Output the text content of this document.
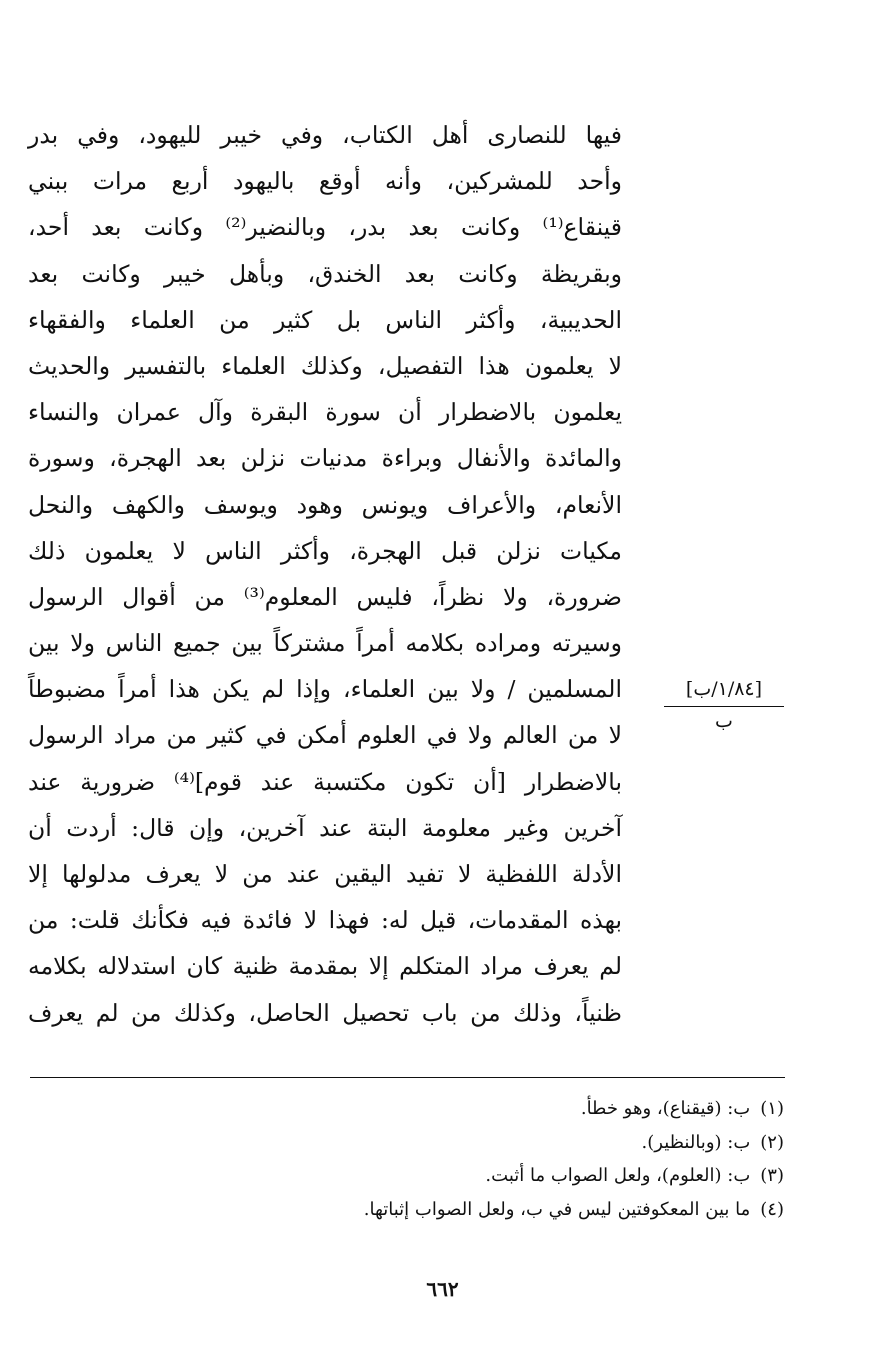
فيها للنصارى أهل الكتاب، وفي خيبر لليهود، وفي بدر
وأحد للمشركين، وأنه أوقع باليهود أربع مرات ببني
قينقاع⁽¹⁾ وكانت بعد بدر، وبالنضير⁽²⁾ وكانت بعد أحد،
وبقريظة وكانت بعد الخندق، وبأهل خيبر وكانت بعد
الحديبية، وأكثر الناس بل كثير من العلماء والفقهاء
لا يعلمون هذا التفصيل، وكذلك العلماء بالتفسير والحديث
يعلمون بالاضطرار أن سورة البقرة وآل عمران والنساء
والمائدة والأنفال وبراءة مدنيات نزلن بعد الهجرة، وسورة
الأنعام، والأعراف ويونس وهود ويوسف والكهف والنحل
مكيات نزلن قبل الهجرة، وأكثر الناس لا يعلمون ذلك
ضرورة، ولا نظراً، فليس المعلوم⁽³⁾ من أقوال الرسول
وسيرته ومراده بكلامه أمراً مشتركاً بين جميع الناس ولا بين
المسلمين / ولا بين العلماء، وإذا لم يكن هذا أمراً مضبوطاً
لا من العالم ولا في العلوم أمكن في كثير من مراد الرسول
بالاضطرار [أن تكون مكتسبة عند قوم]⁽⁴⁾ ضرورية عند
آخرين وغير معلومة البتة عند آخرين، وإن قال: أردت أن
الأدلة اللفظية لا تفيد اليقين عند من لا يعرف مدلولها إلا
بهذه المقدمات، قيل له: فهذا لا فائدة فيه فكأنك قلت: من
لم يعرف مراد المتكلم إلا بمقدمة ظنية كان استدلاله بكلامه
ظنياً، وذلك من باب تحصيل الحاصل، وكذلك من لم يعرف
[١/٨٤/ب]
ب
(١)ب: (قيقناع)، وهو خطأ.
(٢)ب: (وبالنظير).
(٣)ب: (العلوم)، ولعل الصواب ما أثبت.
(٤)ما بين المعكوفتين ليس في ب، ولعل الصواب إثباتها.
٦٦٢
